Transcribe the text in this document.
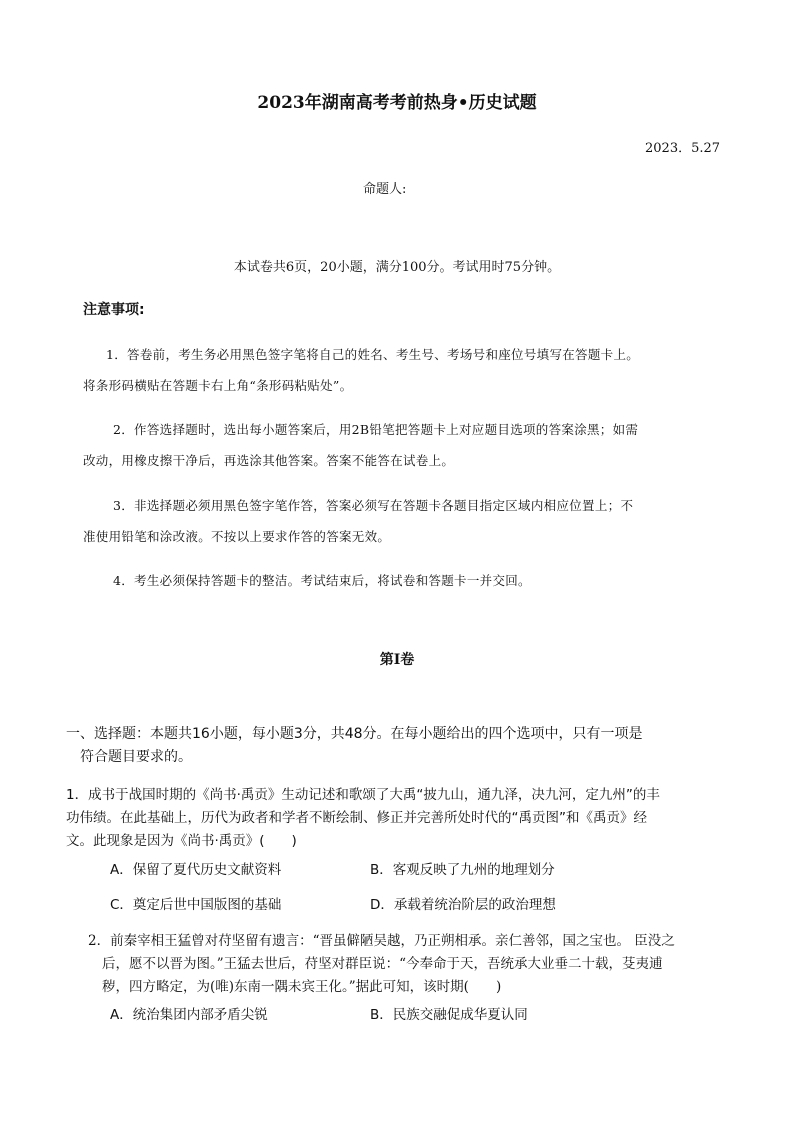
2023年湖南高考考前热身•历史试题
2023．5.27
命题人:
本试卷共6页，20小题，满分100分。考试用时75分钟。
注意事项:
1．答卷前，考生务必用黑色签字笔将自己的姓名、考生号、考场号和座位号填写在答题卡上。
将条形码横贴在答题卡右上角“条形码粘贴处”。
2．作答选择题时，选出每小题答案后，用2B铅笔把答题卡上对应题目选项的答案涂黑；如需
改动，用橡皮擦干净后，再选涂其他答案。答案不能答在试卷上。
3．非选择题必须用黑色签字笔作答，答案必须写在答题卡各题目指定区域内相应位置上；不
准使用铅笔和涂改液。不按以上要求作答的答案无效。
4．考生必须保持答题卡的整洁。考试结束后，将试卷和答题卡一并交回。
第Ⅰ卷
一、选择题：本题共16小题，每小题3分，共48分。在每小题给出的四个选项中，只有一项是
符合题目要求的。
1．成书于战国时期的《尚书·禹贡》生动记述和歌颂了大禹“披九山，通九泽，决九河，定九州”的丰
功伟绩。在此基础上，历代为政者和学者不断绘制、修正并完善所处时代的“禹贡图”和《禹贡》经
文。此现象是因为《尚书·禹贡》(　　)
A．保留了夏代历史文献资料	B．客观反映了九州的地理划分
C．奠定后世中国版图的基础	D．承载着统治阶层的政治理想
2．前秦宰相王猛曾对苻坚留有遗言：“晋虽僻陋吴越，乃正朔相承。亲仁善邻，国之宝也。 臣没之
后，愿不以晋为图。”王猛去世后，苻坚对群臣说：“今奉命于天，吾统承大业垂二十载，芟夷逋
秽，四方略定，为(唯)东南一隅未宾王化。”据此可知，该时期(　　)
A．统治集团内部矛盾尖锐	B．民族交融促成华夏认同
